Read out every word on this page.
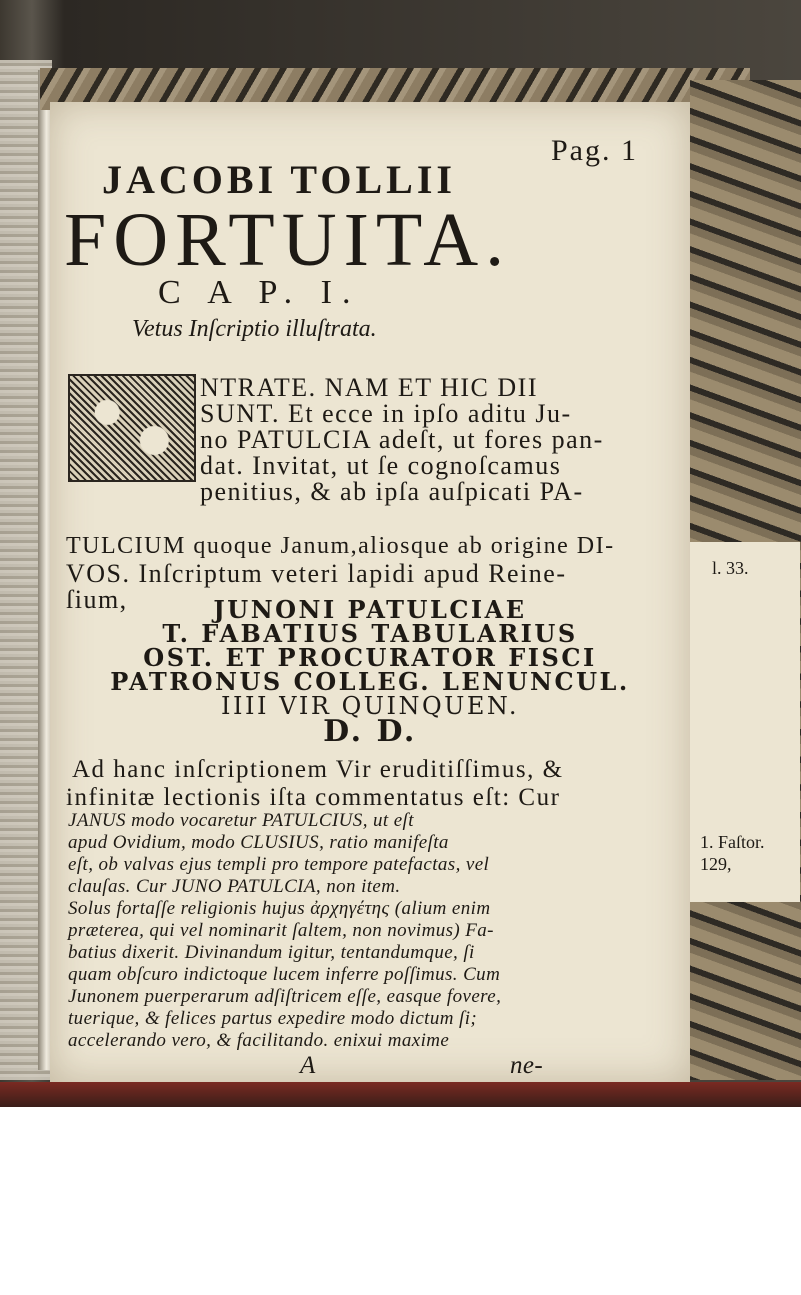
Pag. 1
JACOBI TOLLII
FORTUITA.
C A P. I.
Vetus Inſcriptio illuſtrata.
NTRATE. NAM ET HIC DII
SUNT. Et ecce in ipſo aditu Ju-
no PATULCIA adeſt, ut fores pan-
dat. Invitat, ut ſe cognoſcamus
penitius, & ab ipſa auſpicati PA-
TULCIUM quoque Janum,aliosque ab origine DI-
VOS. Inſcriptum veteri lapidi apud Reine-
ſium,	JUNONI PATULCIAE
T. FABATIUS TABULARIUS
OST. ET PROCURATOR FISCI
PATRONUS COLLEG. LENUNCUL.
IIII VIR QUINQUEN.
D. D.
Ad hanc inſcriptionem Vir eruditiſſimus, &
infinitæ lectionis iſta commentatus eſt: Cur
JANUS modo vocaretur PATULCIUS, ut eſt
apud Ovidium, modo CLUSIUS, ratio manifeſta
eſt, ob valvas ejus templi pro tempore patefactas, vel
clauſas. Cur JUNO PATULCIA, non item.
Solus fortaſſe religionis hujus ἀρχηγέτης (alium enim
præterea, qui vel nominarit ſaltem, non novimus) Fa-
batius dixerit. Divinandum igitur, tentandumque, ſi
quam obſcuro indictoque lucem inferre poſſimus. Cum
Junonem puerperarum adſiſtricem eſſe, easque fovere,
tuerique, & felices partus expedire modo dictum ſi;
accelerando vero, & facilitando. enixui maxime
A	ne-
l. 33.
1. Faſtor.
129,
